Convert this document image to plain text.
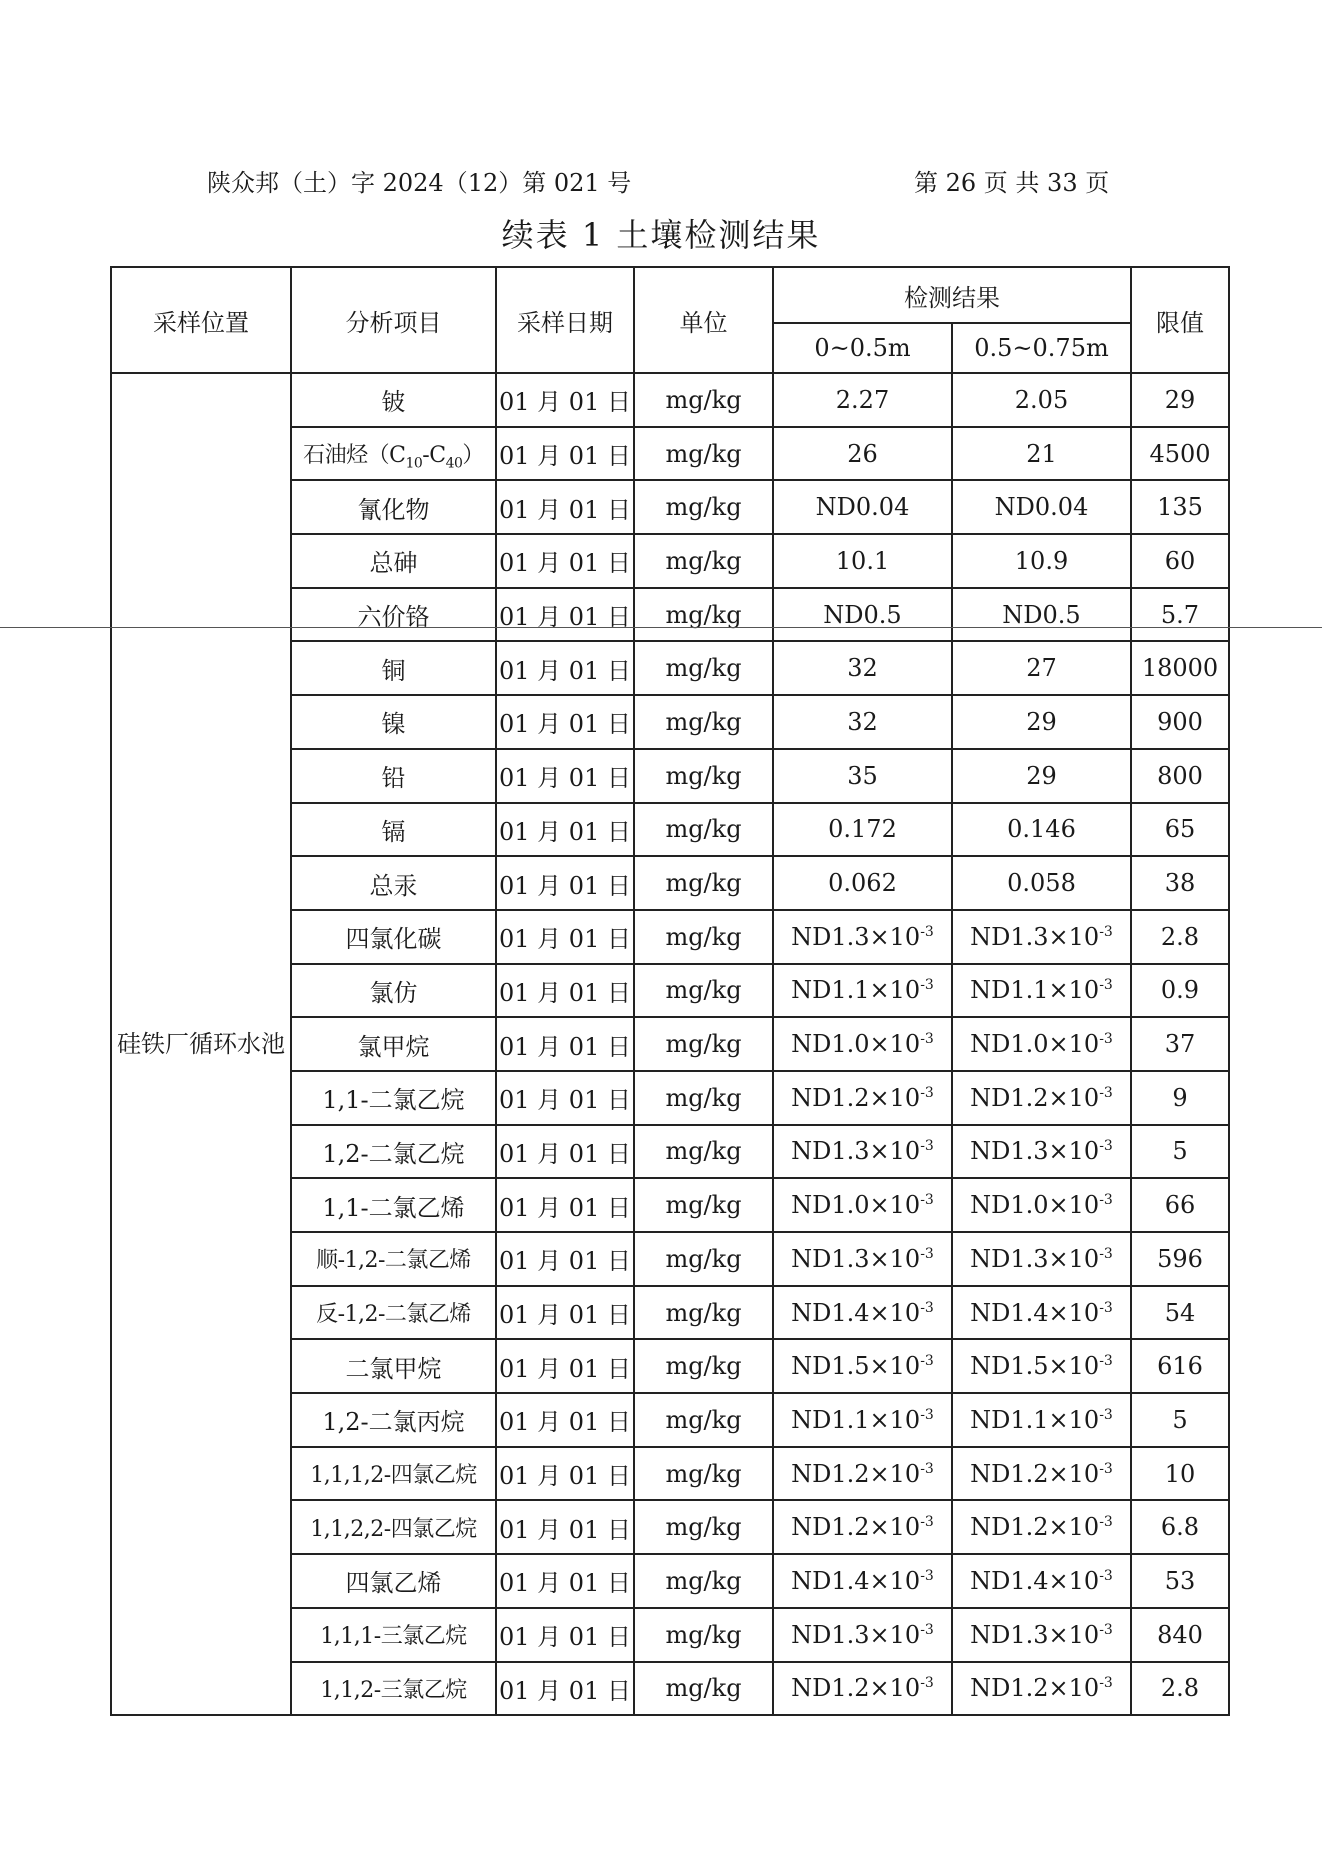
陕众邦（土）字 2024（12）第 021 号	第 26 页 共 33 页
续表 1 土壤检测结果
采样位置	分析项目	采样日期	单位	检测结果		限值
				0~0.5m	0.5~0.75m	
硅铁厂循环水池	铍	01 月 01 日	mg/kg	2.27	2.05	29
	石油烃$(C_{10}-C_{40})$	01 月 01 日	mg/kg	26	21	4500
	氰化物	01 月 01 日	mg/kg	ND0.04	ND0.04	135
	总砷	01 月 01 日	mg/kg	10.1	10.9	60
	六价铬	01 月 01 日	mg/kg	ND0.5	ND0.5	5.7
	铜	01 月 01 日	mg/kg	32	27	18000
	镍	01 月 01 日	mg/kg	32	29	900
	铅	01 月 01 日	mg/kg	35	29	800
	镉	01 月 01 日	mg/kg	0.172	0.146	65
	总汞	01 月 01 日	mg/kg	0.062	0.058	38
	四氯化碳	01 月 01 日	mg/kg	$ND1.3\times 10^{-3}$	$ND1.3\times 10^{-3}$	2.8
	氯仿	01 月 01 日	mg/kg	$ND1.1\times 10^{-3}$	$ND1.1\times 10^{-3}$	0.9
	氯甲烷	01 月 01 日	mg/kg	$ND1.0\times 10^{-3}$	$ND1.0\times 10^{-3}$	37
	1,1-二氯乙烷	01 月 01 日	mg/kg	$ND1.2\times 10^{-3}$	$ND1.2\times 10^{-3}$	9
	1,2-二氯乙烷	01 月 01 日	mg/kg	$ND1.3\times 10^{-3}$	$ND1.3\times 10^{-3}$	5
	1,1-二氯乙烯	01 月 01 日	mg/kg	$ND1.0\times 10^{-3}$	$ND1.0\times 10^{-3}$	66
	顺-1,2-二氯乙烯	01 月 01 日	mg/kg	$ND1.3\times 10^{-3}$	$ND1.3\times 10^{-3}$	596
	反-1,2-二氯乙烯	01 月 01 日	mg/kg	$ND1.4\times 10^{-3}$	$ND1.4\times 10^{-3}$	54
	二氯甲烷	01 月 01 日	mg/kg	$ND1.5\times 10^{-3}$	$ND1.5\times 10^{-3}$	616
	1,2-二氯丙烷	01 月 01 日	mg/kg	$ND1.1\times 10^{-3}$	$ND1.1\times 10^{-3}$	5
	1,1,1,2-四氯乙烷	01 月 01 日	mg/kg	$ND1.2\times 10^{-3}$	$ND1.2\times 10^{-3}$	10
	1,1,2,2-四氯乙烷	01 月 01 日	mg/kg	$ND1.2\times 10^{-3}$	$ND1.2\times 10^{-3}$	6.8
	四氯乙烯	01 月 01 日	mg/kg	$ND1.4\times 10^{-3}$	$ND1.4\times 10^{-3}$	53
	1,1,1-三氯乙烷	01 月 01 日	mg/kg	$ND1.3\times 10^{-3}$	$ND1.3\times 10^{-3}$	840
	1,1,2-三氯乙烷	01 月 01 日	mg/kg	$ND1.2\times 10^{-3}$	$ND1.2\times 10^{-3}$	2.8
